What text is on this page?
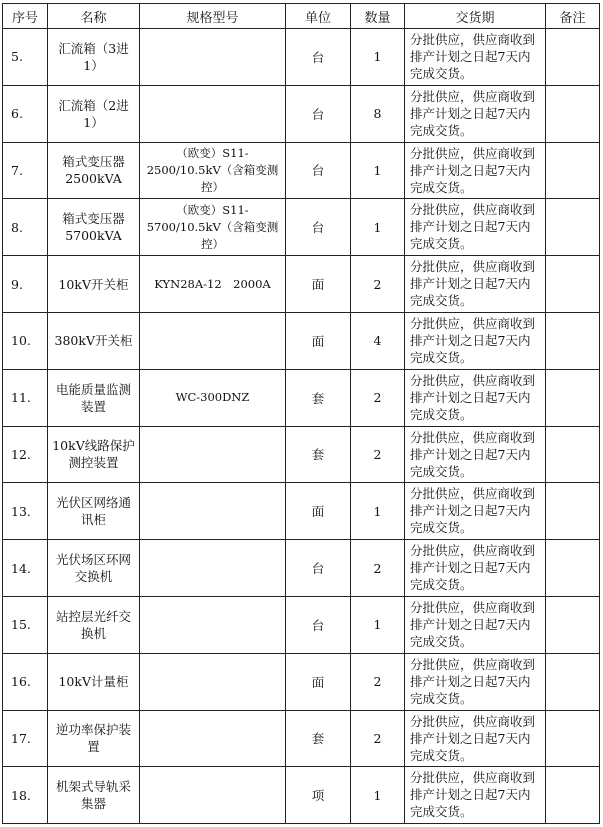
序号	名称	规格型号	单位	数量	交货期	备注
5.	汇流箱（3进1）		台	1	分批供应，供应商收到排产计划之日起7天内完成交货。	
6.	汇流箱（2进1）		台	8	分批供应，供应商收到排产计划之日起7天内完成交货。	
7.	箱式变压器2500kVA	（欧变）S11-2500/10.5kV（含箱变测控）	台	1	分批供应，供应商收到排产计划之日起7天内完成交货。	
8.	箱式变压器5700kVA	（欧变）S11-5700/10.5kV（含箱变测控）	台	1	分批供应，供应商收到排产计划之日起7天内完成交货。	
9.	10kV开关柜	KYN28A-12　2000A	面	2	分批供应，供应商收到排产计划之日起7天内完成交货。	
10.	380kV开关柜		面	4	分批供应，供应商收到排产计划之日起7天内完成交货。	
11.	电能质量监测装置	WC-300DNZ	套	2	分批供应，供应商收到排产计划之日起7天内完成交货。	
12.	10kV线路保护测控装置		套	2	分批供应，供应商收到排产计划之日起7天内完成交货。	
13.	光伏区网络通讯柜		面	1	分批供应，供应商收到排产计划之日起7天内完成交货。	
14.	光伏场区环网交换机		台	2	分批供应，供应商收到排产计划之日起7天内完成交货。	
15.	站控层光纤交换机		台	1	分批供应，供应商收到排产计划之日起7天内完成交货。	
16.	10kV计量柜		面	2	分批供应，供应商收到排产计划之日起7天内完成交货。	
17.	逆功率保护装置		套	2	分批供应，供应商收到排产计划之日起7天内完成交货。	
18.	机架式导轨采集器		项	1	分批供应，供应商收到排产计划之日起7天内完成交货。	
